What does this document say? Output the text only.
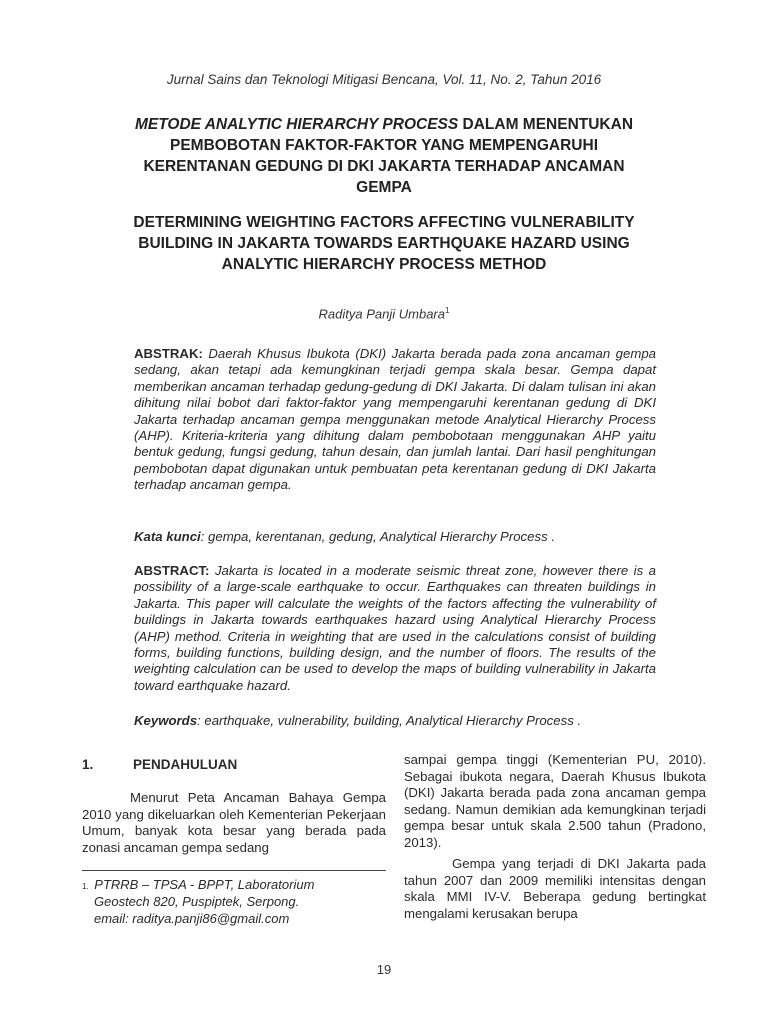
Jurnal Sains dan Teknologi Mitigasi Bencana, Vol. 11, No. 2, Tahun 2016
METODE ANALYTIC HIERARCHY PROCESS DALAM MENENTUKAN PEMBOBOTAN FAKTOR-FAKTOR YANG MEMPENGARUHI KERENTANAN GEDUNG DI DKI JAKARTA TERHADAP ANCAMAN GEMPA
DETERMINING WEIGHTING FACTORS AFFECTING VULNERABILITY BUILDING IN JAKARTA TOWARDS EARTHQUAKE HAZARD USING ANALYTIC HIERARCHY PROCESS METHOD
Raditya Panji Umbara$^1$

ABSTRAK: Daerah Khusus Ibukota (DKI) Jakarta berada pada zona ancaman gempa sedang, akan tetapi ada kemungkinan terjadi gempa skala besar. Gempa dapat memberikan ancaman terhadap gedung-gedung di DKI Jakarta. Di dalam tulisan ini akan dihitung nilai bobot dari faktor-faktor yang mempengaruhi kerentanan gedung di DKI Jakarta terhadap ancaman gempa menggunakan metode Analytical Hierarchy Process (AHP). Kriteria-kriteria yang dihitung dalam pembobotaan menggunakan AHP yaitu bentuk gedung, fungsi gedung, tahun desain, dan jumlah lantai. Dari hasil penghitungan pembobotan dapat digunakan untuk pembuatan peta kerentanan gedung di DKI Jakarta terhadap ancaman gempa.

Kata kunci: gempa, kerentanan, gedung, Analytical Hierarchy Process .

ABSTRACT: Jakarta is located in a moderate seismic threat zone, however there is a possibility of a large-scale earthquake to occur. Earthquakes can threaten buildings in Jakarta. This paper will calculate the weights of the factors affecting the vulnerability of buildings in Jakarta towards earthquakes hazard using Analytical Hierarchy Process (AHP) method. Criteria in weighting that are used in the calculations consist of building forms, building functions, building design, and the number of floors. The results of the weighting calculation can be used to develop the maps of building vulnerability in Jakarta toward earthquake hazard.

Keywords: earthquake, vulnerability, building, Analytical Hierarchy Process .

1.	PENDAHULUAN

Menurut Peta Ancaman Bahaya Gempa 2010 yang dikeluarkan oleh Kementerian Pekerjaan Umum, banyak kota besar yang berada pada zonasi ancaman gempa sedang

$^{1.}$ PTRRB – TPSA - BPPT, Laboratorium
Geostech 820, Puspiptek, Serpong.
email: raditya.panji86@gmail.com

sampai gempa tinggi (Kementerian PU, 2010). Sebagai ibukota negara, Daerah Khusus Ibukota (DKI) Jakarta berada pada zona ancaman gempa sedang. Namun demikian ada kemungkinan terjadi gempa besar untuk skala 2.500 tahun (Pradono, 2013).

Gempa yang terjadi di DKI Jakarta pada tahun 2007 dan 2009 memiliki intensitas dengan skala MMI IV-V. Beberapa gedung bertingkat mengalami kerusakan berupa

19
